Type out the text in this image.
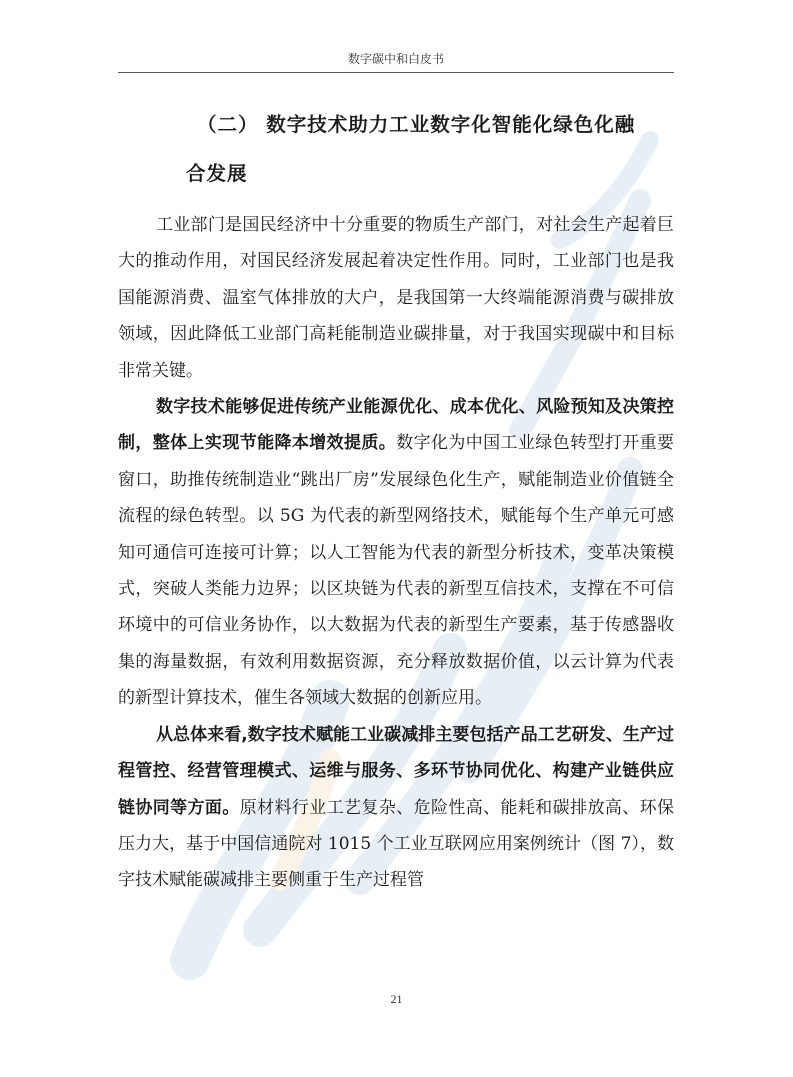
数字碳中和白皮书
（二） 数字技术助力工业数字化智能化绿色化融
合发展

工业部门是国民经济中十分重要的物质生产部门，对社会生产起着巨大的推动作用，对国民经济发展起着决定性作用。同时，工业部门也是我国能源消费、温室气体排放的大户，是我国第一大终端能源消费与碳排放领域，因此降低工业部门高耗能制造业碳排量，对于我国实现碳中和目标非常关键。

数字技术能够促进传统产业能源优化、成本优化、风险预知及决策控制，整体上实现节能降本增效提质。数字化为中国工业绿色转型打开重要窗口，助推传统制造业“跳出厂房”发展绿色化生产，赋能制造业价值链全流程的绿色转型。以 5G 为代表的新型网络技术，赋能每个生产单元可感知可通信可连接可计算；以人工智能为代表的新型分析技术，变革决策模式，突破人类能力边界；以区块链为代表的新型互信技术，支撑在不可信环境中的可信业务协作，以大数据为代表的新型生产要素，基于传感器收集的海量数据，有效利用数据资源，充分释放数据价值，以云计算为代表的新型计算技术，催生各领域大数据的创新应用。

从总体来看,数字技术赋能工业碳减排主要包括产品工艺研发、生产过程管控、经营管理模式、运维与服务、多环节协同优化、构建产业链供应链协同等方面。原材料行业工艺复杂、危险性高、能耗和碳排放高、环保压力大，基于中国信通院对 1015 个工业互联网应用案例统计（图 7），数字技术赋能碳减排主要侧重于生产过程管

21
